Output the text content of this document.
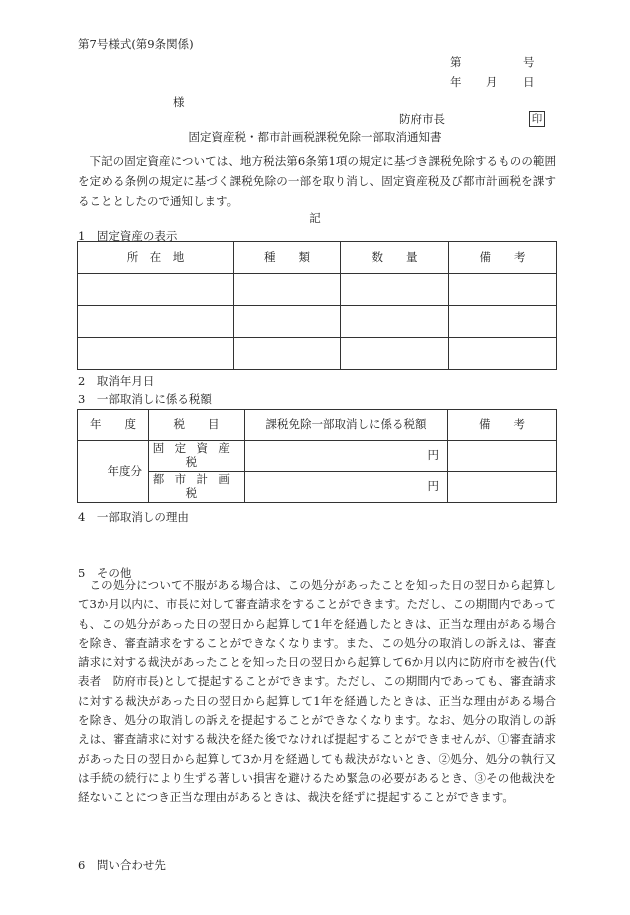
第7号様式(第9条関係)
第	号
年 月 日
様
防府市長	印
固定資産税・都市計画税課税免除一部取消通知書
下記の固定資産については、地方税法第6条第1項の規定に基づき課税免除するものの範囲を定める条例の規定に基づく課税免除の一部を取り消し、固定資産税及び都市計画税を課することとしたので通知します。
記
1　固定資産の表示
所　在　地	種　　類	数　　量	備　　考

2　取消年月日
3　一部取消しに係る税額
年　　度	税　　目	課税免除一部取消しに係る税額	備　　考
年度分	固定資産税	円	
	都市計画税	円	
4　一部取消しの理由
5　その他

この処分について不服がある場合は、この処分があったことを知った日の翌日から起算して3か月以内に、市長に対して審査請求をすることができます。ただし、この期間内であっても、この処分があった日の翌日から起算して1年を経過したときは、正当な理由がある場合を除き、審査請求をすることができなくなります。また、この処分の取消しの訴えは、審査請求に対する裁決があったことを知った日の翌日から起算して6か月以内に防府市を被告(代表者　防府市長)として提起することができます。ただし、この期間内であっても、審査請求に対する裁決があった日の翌日から起算して1年を経過したときは、正当な理由がある場合を除き、処分の取消しの訴えを提起することができなくなります。なお、処分の取消しの訴えは、審査請求に対する裁決を経た後でなければ提起することができませんが、①審査請求があった日の翌日から起算して3か月を経過しても裁決がないとき、②処分、処分の執行又は手続の続行により生ずる著しい損害を避けるため緊急の必要があるとき、③その他裁決を経ないことにつき正当な理由があるときは、裁決を経ずに提起することができます。

6　問い合わせ先
